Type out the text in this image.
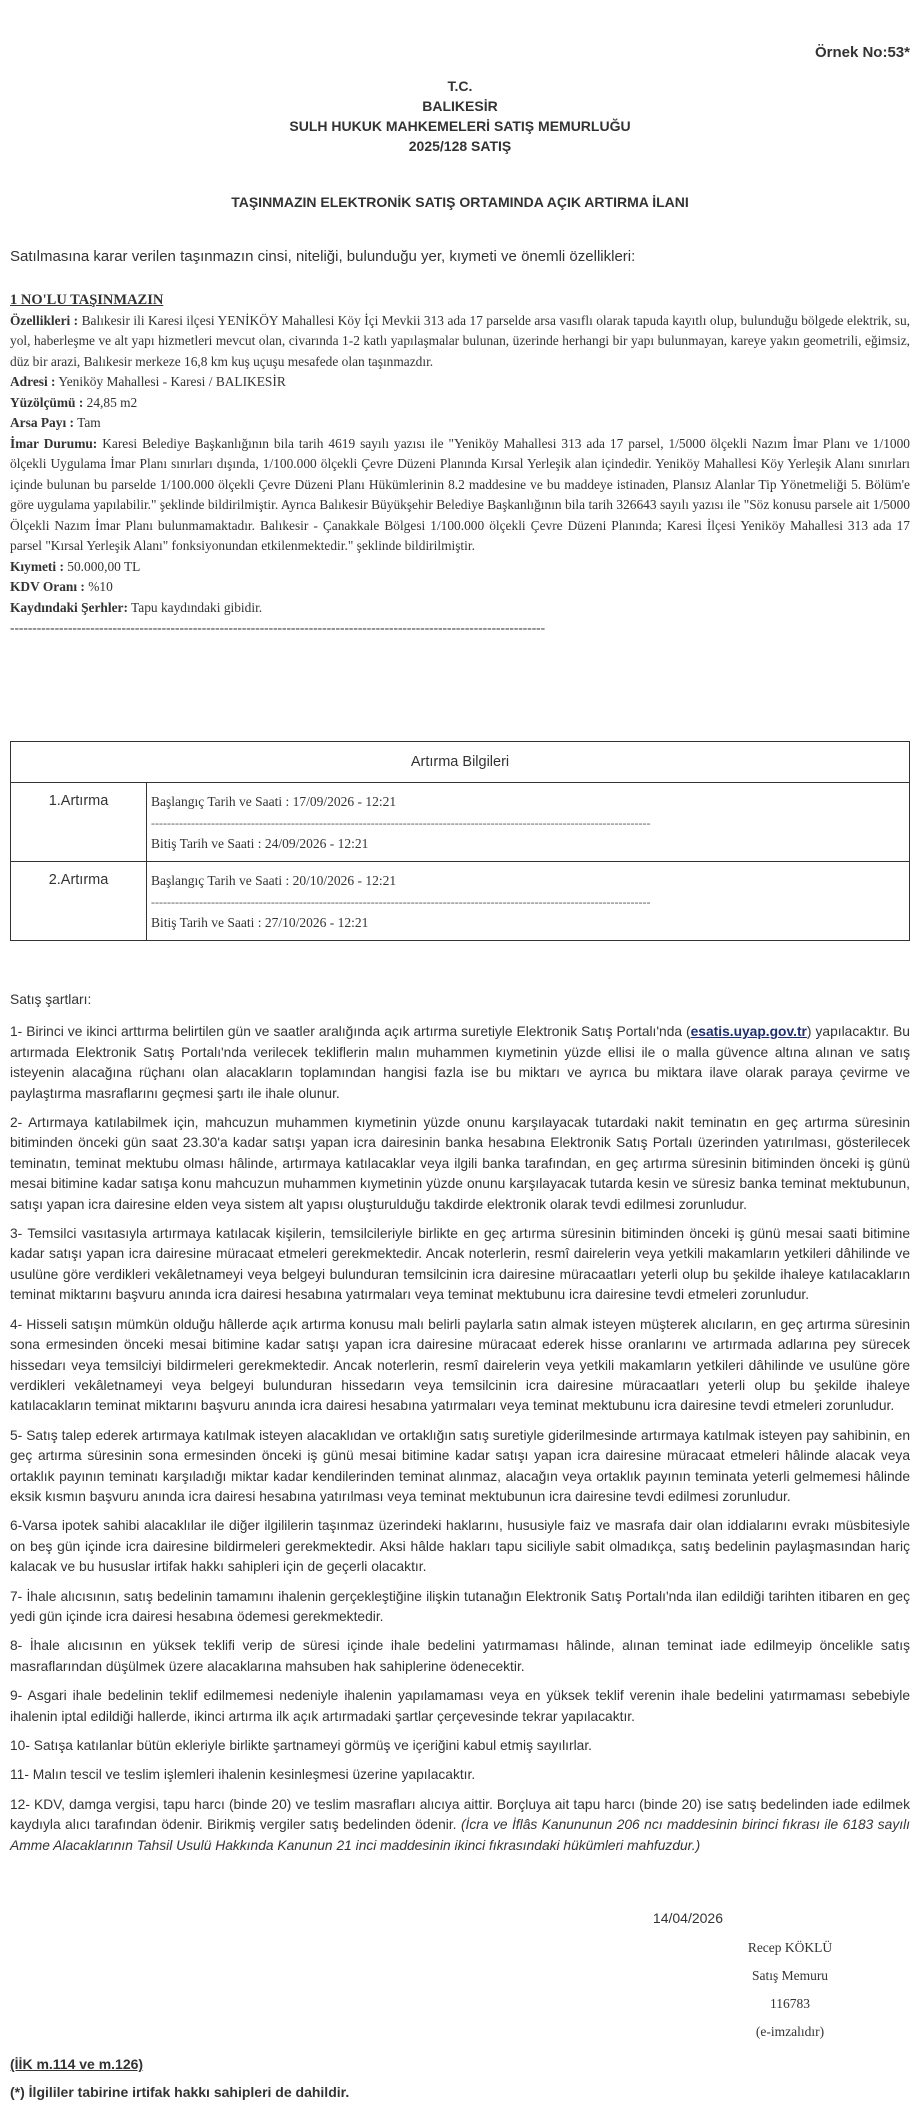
Örnek No:53*
T.C.
BALIKESİR
SULH HUKUK MAHKEMELERİ SATIŞ MEMURLUĞU
2025/128 SATIŞ
TAŞINMAZIN ELEKTRONİK SATIŞ ORTAMINDA AÇIK ARTIRMA İLANI
Satılmasına karar verilen taşınmazın cinsi, niteliği, bulunduğu yer, kıymeti ve önemli özellikleri:
1 NO'LU TAŞINMAZIN
Özellikleri : Balıkesir ili Karesi ilçesi YENİKÖY Mahallesi Köy İçi Mevkii 313 ada 17 parselde arsa vasıflı olarak tapuda kayıtlı olup, bulunduğu bölgede elektrik, su, yol, haberleşme ve alt yapı hizmetleri mevcut olan, civarında 1-2 katlı yapılaşmalar bulunan, üzerinde herhangi bir yapı bulunmayan, kareye yakın geometrili, eğimsiz, düz bir arazi, Balıkesir merkeze 16,8 km kuş uçuşu mesafede olan taşınmazdır.
Adresi : Yeniköy Mahallesi - Karesi / BALIKESİR
Yüzölçümü : 24,85 m2
Arsa Payı : Tam
İmar Durumu: Karesi Belediye Başkanlığının bila tarih 4619 sayılı yazısı ile "Yeniköy Mahallesi 313 ada 17 parsel, 1/5000 ölçekli Nazım İmar Planı ve 1/1000 ölçekli Uygulama İmar Planı sınırları dışında, 1/100.000 ölçekli Çevre Düzeni Planında Kırsal Yerleşik alan içindedir. Yeniköy Mahallesi Köy Yerleşik Alanı sınırları içinde bulunan bu parselde 1/100.000 ölçekli Çevre Düzeni Planı Hükümlerinin 8.2 maddesine ve bu maddeye istinaden, Plansız Alanlar Tip Yönetmeliği 5. Bölüm'e göre uygulama yapılabilir." şeklinde bildirilmiştir. Ayrıca Balıkesir Büyükşehir Belediye Başkanlığının bila tarih 326643 sayılı yazısı ile "Söz konusu parsele ait 1/5000 Ölçekli Nazım İmar Planı bulunmamaktadır. Balıkesir - Çanakkale Bölgesi 1/100.000 ölçekli Çevre Düzeni Planında; Karesi İlçesi Yeniköy Mahallesi 313 ada 17 parsel "Kırsal Yerleşik Alanı" fonksiyonundan etkilenmektedir." şeklinde bildirilmiştir.
Kıymeti : 50.000,00 TL
KDV Oranı : %10
Kaydındaki Şerhler: Tapu kaydındaki gibidir.
------------------------------------------------------------------------------------------------------------------------
Artırma Bilgileri	
1.Artırma	Başlangıç Tarih ve Saati : 17/09/2026 - 12:21
-----------------------------------------------------------------------------------------------------------------------------
Bitiş Tarih ve Saati : 24/09/2026 - 12:21

2.Artırma	Başlangıç Tarih ve Saati : 20/10/2026 - 12:21
-----------------------------------------------------------------------------------------------------------------------------
Bitiş Tarih ve Saati : 27/10/2026 - 12:21

Satış şartları:

1- Birinci ve ikinci arttırma belirtilen gün ve saatler aralığında açık artırma suretiyle Elektronik Satış Portalı'nda (esatis.uyap.gov.tr) yapılacaktır. Bu artırmada Elektronik Satış Portalı'nda verilecek tekliflerin malın muhammen kıymetinin yüzde ellisi ile o malla güvence altına alınan ve satış isteyenin alacağına rüçhanı olan alacakların toplamından hangisi fazla ise bu miktarı ve ayrıca bu miktara ilave olarak paraya çevirme ve paylaştırma masraflarını geçmesi şartı ile ihale olunur.

2- Artırmaya katılabilmek için, mahcuzun muhammen kıymetinin yüzde onunu karşılayacak tutardaki nakit teminatın en geç artırma süresinin bitiminden önceki gün saat 23.30'a kadar satışı yapan icra dairesinin banka hesabına Elektronik Satış Portalı üzerinden yatırılması, gösterilecek teminatın, teminat mektubu olması hâlinde, artırmaya katılacaklar veya ilgili banka tarafından, en geç artırma süresinin bitiminden önceki iş günü mesai bitimine kadar satışa konu mahcuzun muhammen kıymetinin yüzde onunu karşılayacak tutarda kesin ve süresiz banka teminat mektubunun, satışı yapan icra dairesine elden veya sistem alt yapısı oluşturulduğu takdirde elektronik olarak tevdi edilmesi zorunludur.

3- Temsilci vasıtasıyla artırmaya katılacak kişilerin, temsilcileriyle birlikte en geç artırma süresinin bitiminden önceki iş günü mesai saati bitimine kadar satışı yapan icra dairesine müracaat etmeleri gerekmektedir. Ancak noterlerin, resmî dairelerin veya yetkili makamların yetkileri dâhilinde ve usulüne göre verdikleri vekâletnameyi veya belgeyi bulunduran temsilcinin icra dairesine müracaatları yeterli olup bu şekilde ihaleye katılacakların teminat miktarını başvuru anında icra dairesi hesabına yatırmaları veya teminat mektubunu icra dairesine tevdi etmeleri zorunludur.

4- Hisseli satışın mümkün olduğu hâllerde açık artırma konusu malı belirli paylarla satın almak isteyen müşterek alıcıların, en geç artırma süresinin sona ermesinden önceki mesai bitimine kadar satışı yapan icra dairesine müracaat ederek hisse oranlarını ve artırmada adlarına pey sürecek hissedarı veya temsilciyi bildirmeleri gerekmektedir. Ancak noterlerin, resmî dairelerin veya yetkili makamların yetkileri dâhilinde ve usulüne göre verdikleri vekâletnameyi veya belgeyi bulunduran hissedarın veya temsilcinin icra dairesine müracaatları yeterli olup bu şekilde ihaleye katılacakların teminat miktarını başvuru anında icra dairesi hesabına yatırmaları veya teminat mektubunu icra dairesine tevdi etmeleri zorunludur.

5- Satış talep ederek artırmaya katılmak isteyen alacaklıdan ve ortaklığın satış suretiyle giderilmesinde artırmaya katılmak isteyen pay sahibinin, en geç artırma süresinin sona ermesinden önceki iş günü mesai bitimine kadar satışı yapan icra dairesine müracaat etmeleri hâlinde alacak veya ortaklık payının teminatı karşıladığı miktar kadar kendilerinden teminat alınmaz, alacağın veya ortaklık payının teminata yeterli gelmemesi hâlinde eksik kısmın başvuru anında icra dairesi hesabına yatırılması veya teminat mektubunun icra dairesine tevdi edilmesi zorunludur.

6-Varsa ipotek sahibi alacaklılar ile diğer ilgililerin taşınmaz üzerindeki haklarını, hususiyle faiz ve masrafa dair olan iddialarını evrakı müsbitesiyle on beş gün içinde icra dairesine bildirmeleri gerekmektedir. Aksi hâlde hakları tapu siciliyle sabit olmadıkça, satış bedelinin paylaşmasından hariç kalacak ve bu hususlar irtifak hakkı sahipleri için de geçerli olacaktır.

7- İhale alıcısının, satış bedelinin tamamını ihalenin gerçekleştiğine ilişkin tutanağın Elektronik Satış Portalı'nda ilan edildiği tarihten itibaren en geç yedi gün içinde icra dairesi hesabına ödemesi gerekmektedir.

8- İhale alıcısının en yüksek teklifi verip de süresi içinde ihale bedelini yatırmaması hâlinde, alınan teminat iade edilmeyip öncelikle satış masraflarından düşülmek üzere alacaklarına mahsuben hak sahiplerine ödenecektir.

9- Asgari ihale bedelinin teklif edilmemesi nedeniyle ihalenin yapılamaması veya en yüksek teklif verenin ihale bedelini yatırmaması sebebiyle ihalenin iptal edildiği hallerde, ikinci artırma ilk açık artırmadaki şartlar çerçevesinde tekrar yapılacaktır.

10- Satışa katılanlar bütün ekleriyle birlikte şartnameyi görmüş ve içeriğini kabul etmiş sayılırlar.

11- Malın tescil ve teslim işlemleri ihalenin kesinleşmesi üzerine yapılacaktır.

12- KDV, damga vergisi, tapu harcı (binde 20) ve teslim masrafları alıcıya aittir. Borçluya ait tapu harcı (binde 20) ise satış bedelinden iade edilmek kaydıyla alıcı tarafından ödenir. Birikmiş vergiler satış bedelinden ödenir. (İcra ve İflâs Kanununun 206 ncı maddesinin birinci fıkrası ile 6183 sayılı Amme Alacaklarının Tahsil Usulü Hakkında Kanunun 21 inci maddesinin ikinci fıkrasındaki hükümleri mahfuzdur.)

14/04/2026
Recep KÖKLÜ
Satış Memuru
116783
(e-imzalıdır)
(İİK m.114 ve m.126)
(*) İlgililer tabirine irtifak hakkı sahipleri de dahildir.
